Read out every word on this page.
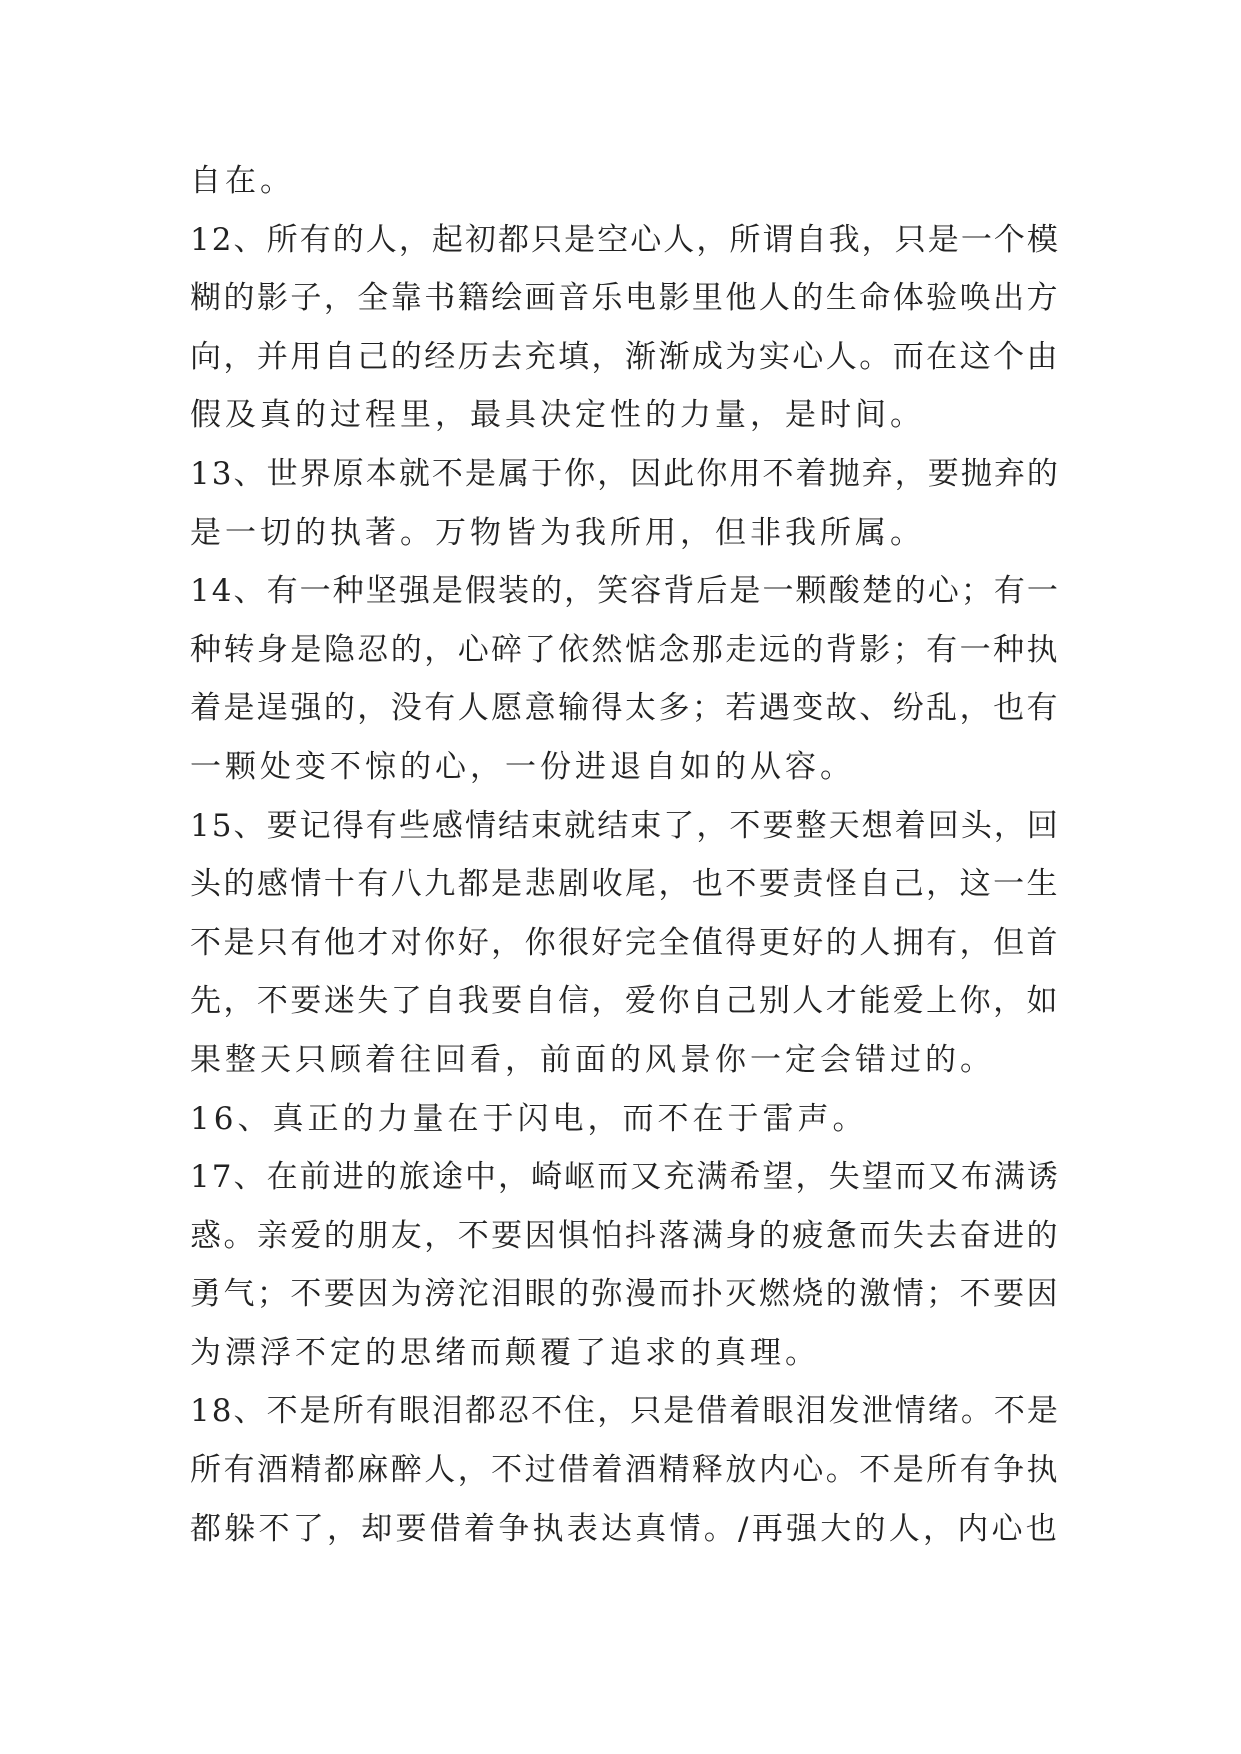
自在。
12、所有的人，起初都只是空心人，所谓自我，只是一个模
糊的影子，全靠书籍绘画音乐电影里他人的生命体验唤出方
向，并用自己的经历去充填，渐渐成为实心人。而在这个由
假及真的过程里，最具决定性的力量，是时间。
13、世界原本就不是属于你，因此你用不着抛弃，要抛弃的
是一切的执著。万物皆为我所用，但非我所属。
14、有一种坚强是假装的，笑容背后是一颗酸楚的心；有一
种转身是隐忍的，心碎了依然惦念那走远的背影；有一种执
着是逞强的，没有人愿意输得太多；若遇变故、纷乱，也有
一颗处变不惊的心，一份进退自如的从容。
15、要记得有些感情结束就结束了，不要整天想着回头，回
头的感情十有八九都是悲剧收尾，也不要责怪自己，这一生
不是只有他才对你好，你很好完全值得更好的人拥有，但首
先，不要迷失了自我要自信，爱你自己别人才能爱上你，如
果整天只顾着往回看，前面的风景你一定会错过的。
16、真正的力量在于闪电，而不在于雷声。
17、在前进的旅途中，崎岖而又充满希望，失望而又布满诱
惑。亲爱的朋友，不要因惧怕抖落满身的疲惫而失去奋进的
勇气；不要因为滂沱泪眼的弥漫而扑灭燃烧的激情；不要因
为漂浮不定的思绪而颠覆了追求的真理。
18、不是所有眼泪都忍不住，只是借着眼泪发泄情绪。不是
所有酒精都麻醉人，不过借着酒精释放内心。不是所有争执
都躲不了，却要借着争执表达真情。/再强大的人，内心也
